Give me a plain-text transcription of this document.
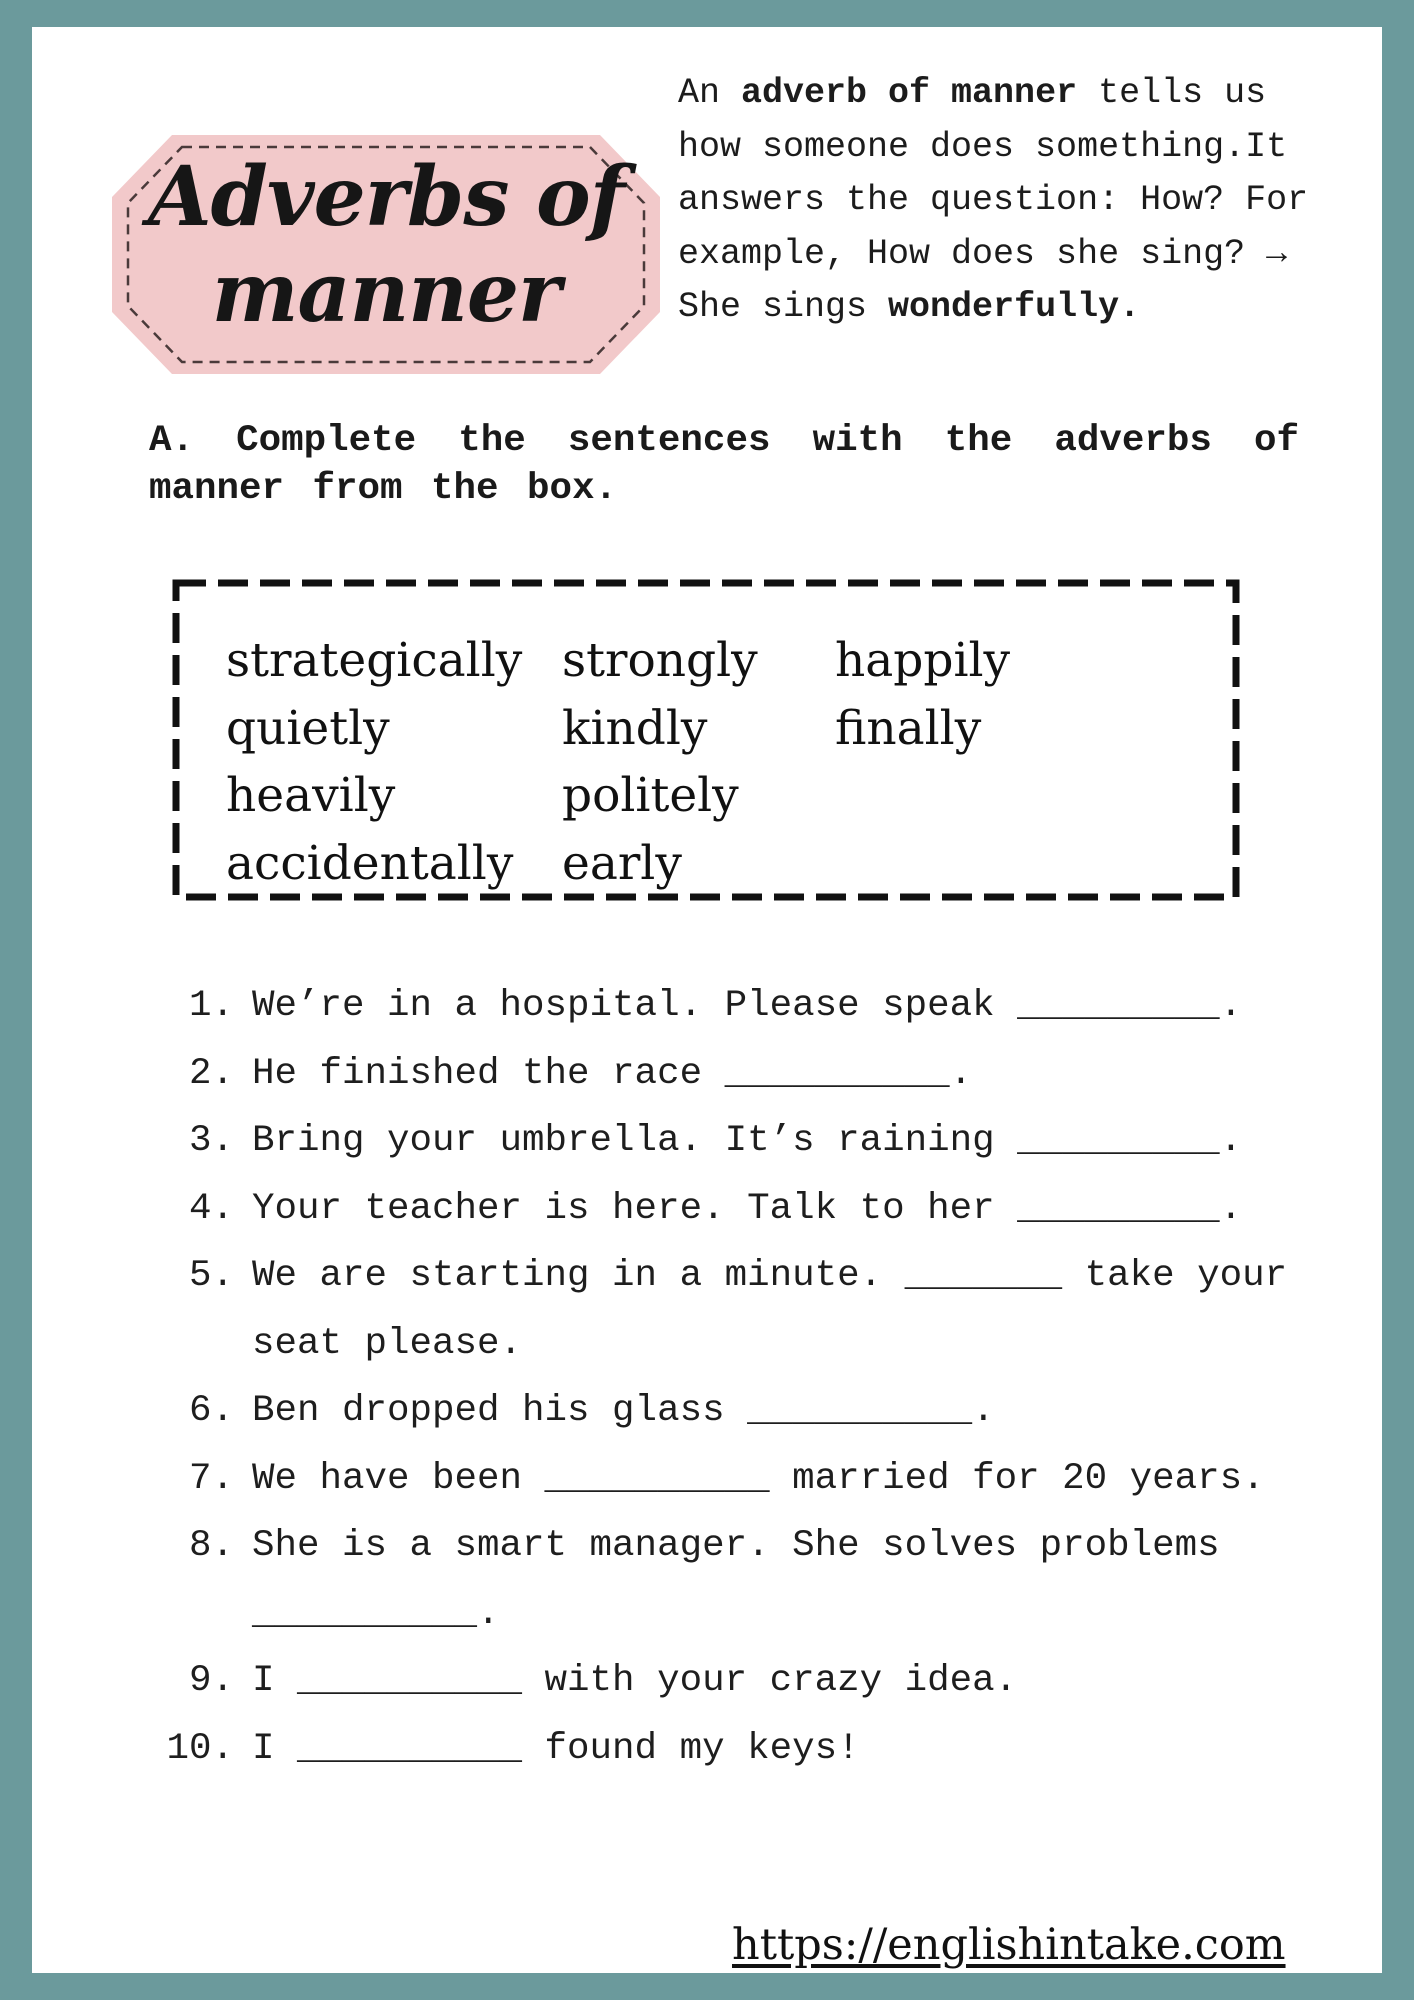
Adverbs of
manner
An adverb of manner tells us how someone does something.It answers the question: How? For example, How does she sing? → She sings wonderfully.
A. Complete the sentences with the adverbs of manner from the box.
strategically
quietly
heavily
accidentally
strongly
kindly
politely
early
happily
finally
1. We’re in a hospital. Please speak _________.
2. He finished the race __________.
3. Bring your umbrella. It’s raining _________.
4. Your teacher is here. Talk to her _________.
5. We are starting in a minute. _______ take your seat please.
6. Ben dropped his glass __________.
7. We have been __________ married for 20 years.
8. She is a smart manager. She solves problems __________.
9. I __________ with your crazy idea.
10. I __________ found my keys!
https://englishintake.com
